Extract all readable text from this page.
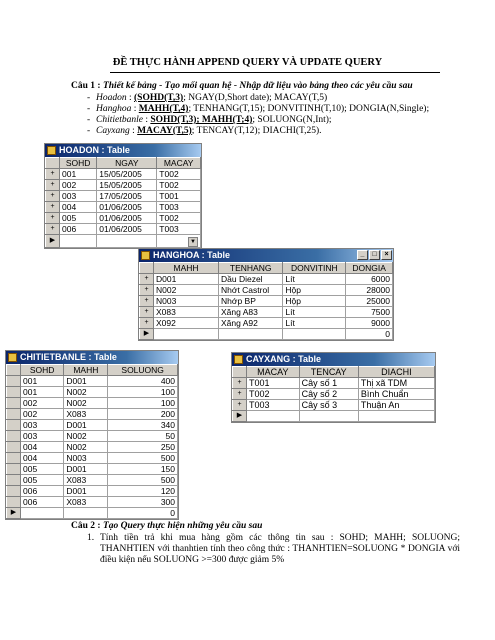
ĐỀ THỰC HÀNH APPEND QUERY VÀ UPDATE QUERY
Câu 1 : Thiết kế bảng - Tạo mối quan hệ - Nhập dữ liệu vào bảng theo các yêu cầu sau
- Hoadon : (SOHD(T,3); NGAY(D,Short date); MACAY(T,5)
- Hanghoa : MAHH(T,4); TENHANG(T,15); DONVITINH(T,10); DONGIA(N,Single);
- Chitietbanle : SOHD(T,3); MAHH(T;4); SOLUONG(N,Int);
- Cayxang : MACAY(T,5); TENCAY(T,12); DIACHI(T,25).
HOADON : Table
	SOHD	NGAY	MACAY
+	001	15/05/2005	T002
+	002	15/05/2005	T002
+	003	17/05/2005	T001
+	004	01/06/2005	T003
+	005	01/06/2005	T002
+	006	01/06/2005	T003
▶			▼
HANGHOA : Table	_	□	×
	MAHH	TENHANG	DONVITINH	DONGIA
+	D001	Dầu Diezel	Lít	6000
+	N002	Nhớt Castrol	Hộp	28000
+	N003	Nhớp BP	Hộp	25000
+	X083	Xăng A83	Lít	7500
+	X092	Xăng A92	Lít	9000
▶				0
CHITIETBANLE : Table
	SOHD	MAHH	SOLUONG
	001	D001	400
	001	N002	100
	002	N002	100
	002	X083	200
	003	D001	340
	003	N002	50
	004	N002	250
	004	N003	500
	005	D001	150
	005	X083	500
	006	D001	120
	006	X083	300
▶			0
CAYXANG : Table
	MACAY	TENCAY	DIACHI
+	T001	Cây số 1	Thị xã TDM
+	T002	Cây số 2	Bình Chuẩn
+	T003	Cây số 3	Thuận An
▶			
Câu 2 : Tạo Query thực hiện những yêu cầu sau
1. Tính tiền trả khi mua hàng gồm các thông tin sau : SOHD; MAHH; SOLUONG; THANHTIEN với thanhtien tính theo công thức : THANHTIEN=SOLUONG * DONGIA với điều kiện nếu SOLUONG >=300 được giảm 5%
